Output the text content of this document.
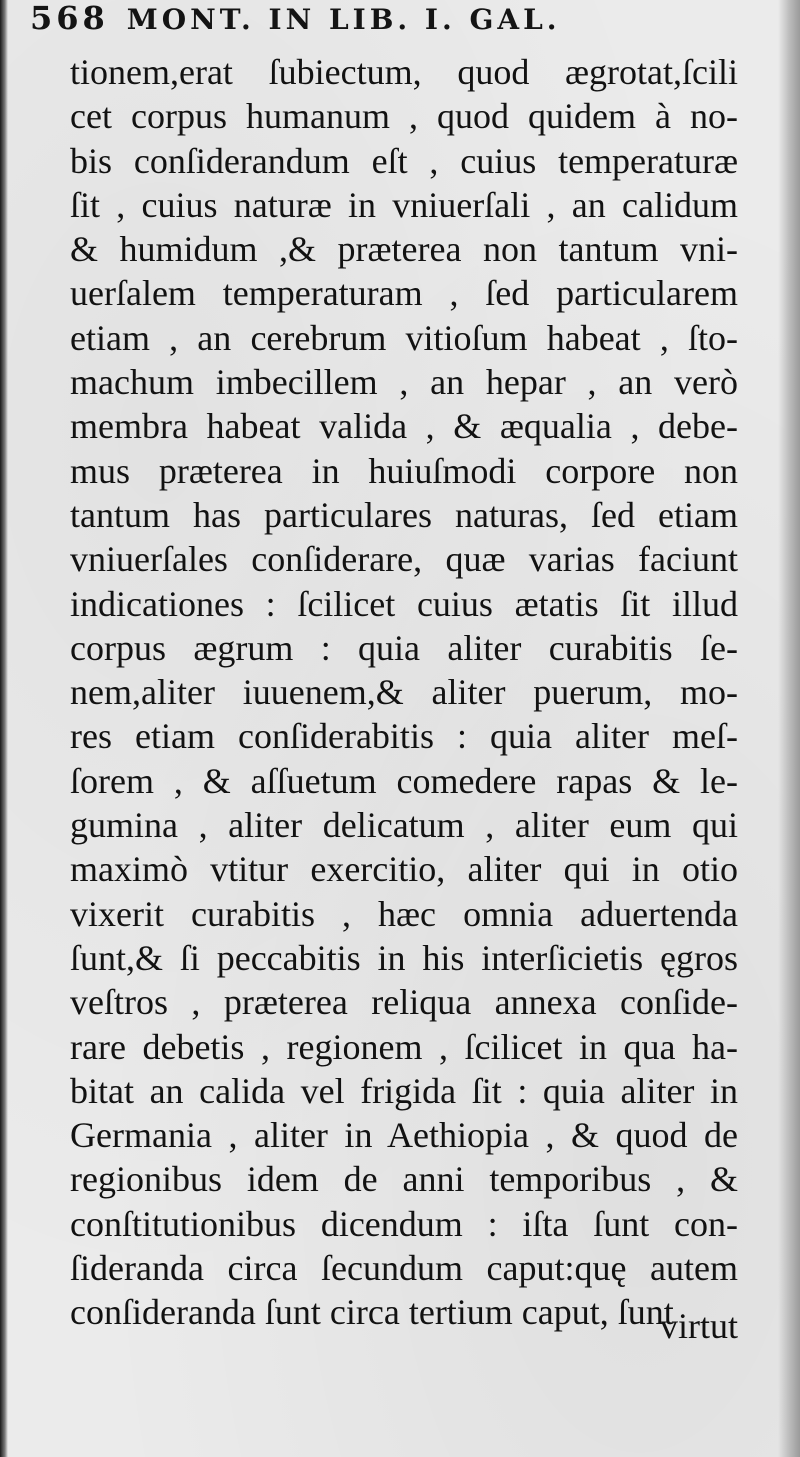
568 MONT. IN LIB. I. GAL.
tionem,erat ſubiectum, quod ægrotat,ſcili
cet corpus humanum , quod quidem à no-
bis conſiderandum eſt , cuius temperaturæ
ſit , cuius naturæ in vniuerſali , an calidum
& humidum ,& præterea non tantum vni-
uerſalem temperaturam , ſed particularem
etiam , an cerebrum vitioſum habeat , ſto-
machum imbecillem , an hepar , an verò
membra habeat valida , & æqualia , debe-
mus præterea in huiuſmodi corpore non
tantum has particulares naturas, ſed etiam
vniuerſales conſiderare, quæ varias faciunt
indicationes : ſcilicet cuius ætatis ſit illud
corpus ægrum : quia aliter curabitis ſe-
nem,aliter iuuenem,& aliter puerum, mo-
res etiam conſiderabitis : quia aliter meſ-
ſorem , & aſſuetum comedere rapas & le-
gumina , aliter delicatum , aliter eum qui
maximò vtitur exercitio, aliter qui in otio
vixerit curabitis , hæc omnia aduertenda
ſunt,& ſi peccabitis in his interſicietis ęgros
veſtros , præterea reliqua annexa conſide-
rare debetis , regionem , ſcilicet in qua ha-
bitat an calida vel frigida ſit : quia aliter in
Germania , aliter in Aethiopia , & quod de
regionibus idem de anni temporibus , &
conſtitutionibus dicendum : iſta ſunt con-
ſideranda circa ſecundum caput:quę autem
conſideranda ſunt circa tertium caput, ſunt
virtut
